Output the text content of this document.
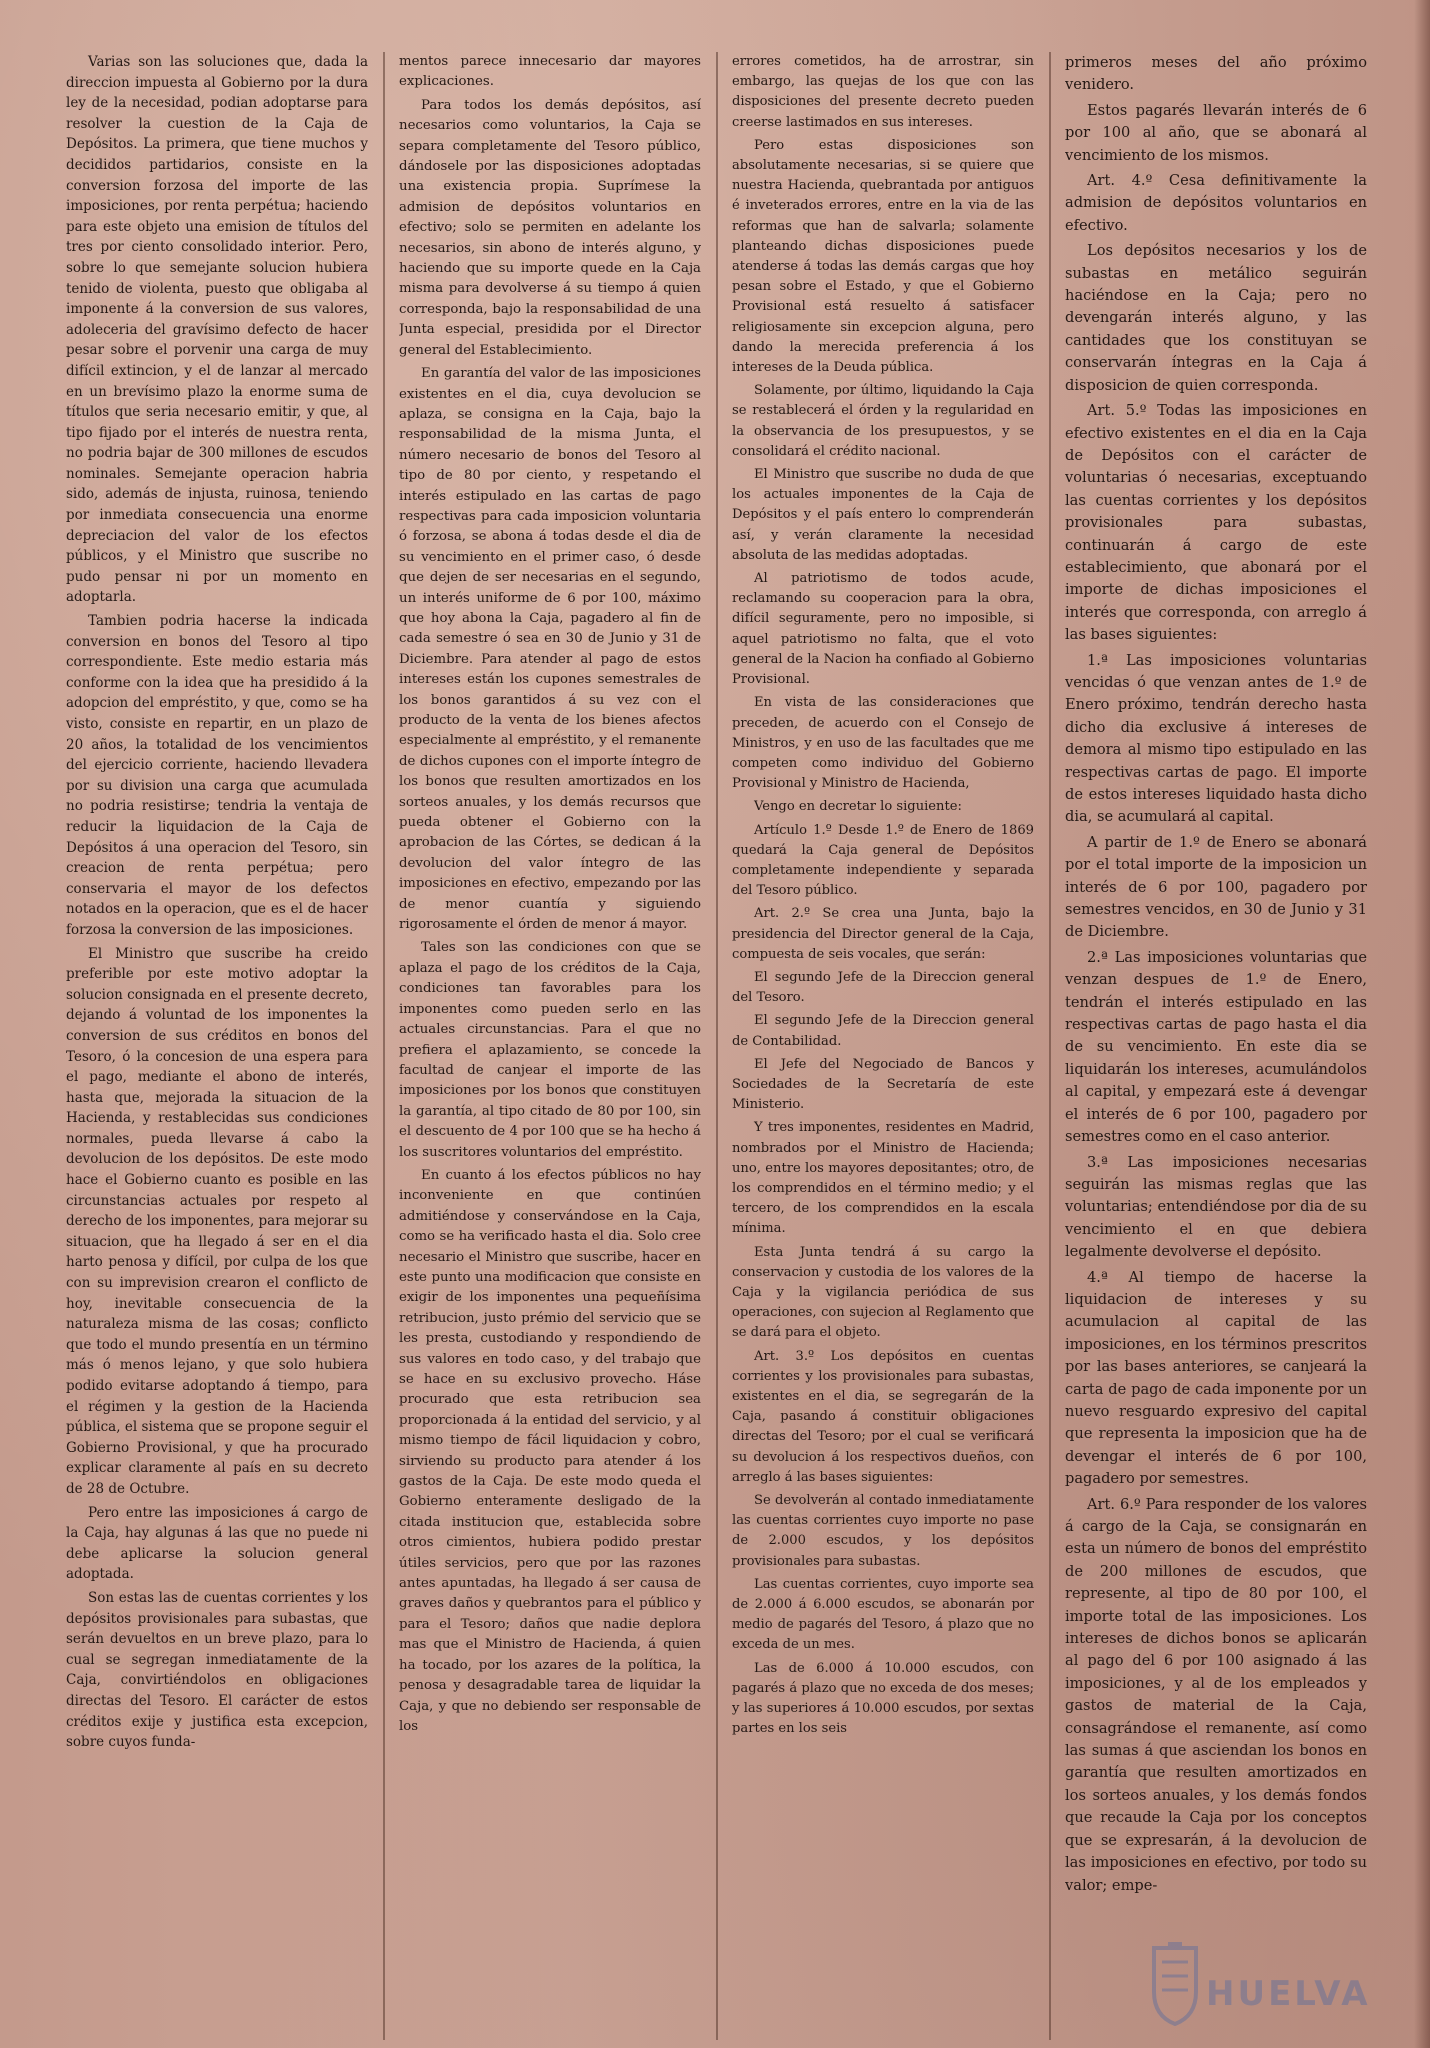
Varias son las soluciones que, dada la direccion impuesta al Gobierno por la dura ley de la necesidad, podian adoptarse para resolver la cuestion de la Caja de Depósitos. La primera, que tiene muchos y decididos partidarios, consiste en la conversion forzosa del importe de las imposiciones, por renta perpétua; haciendo para este objeto una emision de títulos del tres por ciento consolidado interior. Pero, sobre lo que semejante solucion hubiera tenido de violenta, puesto que obligaba al imponente á la conversion de sus valores, adoleceria del gravísimo defecto de hacer pesar sobre el porvenir una carga de muy difícil extincion, y el de lanzar al mercado en un brevísimo plazo la enorme suma de títulos que seria necesario emitir, y que, al tipo fijado por el interés de nuestra renta, no podria bajar de 300 millones de escudos nominales. Semejante operacion habria sido, además de injusta, ruinosa, teniendo por inmediata consecuencia una enorme depreciacion del valor de los efectos públicos, y el Ministro que suscribe no pudo pensar ni por un momento en adoptarla.

Tambien podria hacerse la indicada conversion en bonos del Tesoro al tipo correspondiente. Este medio estaria más conforme con la idea que ha presidido á la adopcion del empréstito, y que, como se ha visto, consiste en repartir, en un plazo de 20 años, la totalidad de los vencimientos del ejercicio corriente, haciendo llevadera por su division una carga que acumulada no podria resistirse; tendria la ventaja de reducir la liquidacion de la Caja de Depósitos á una operacion del Tesoro, sin creacion de renta perpétua; pero conservaria el mayor de los defectos notados en la operacion, que es el de hacer forzosa la conversion de las imposiciones.

El Ministro que suscribe ha creido preferible por este motivo adoptar la solucion consignada en el presente decreto, dejando á voluntad de los imponentes la conversion de sus créditos en bonos del Tesoro, ó la concesion de una espera para el pago, mediante el abono de interés, hasta que, mejorada la situacion de la Hacienda, y restablecidas sus condiciones normales, pueda llevarse á cabo la devolucion de los depósitos. De este modo hace el Gobierno cuanto es posible en las circunstancias actuales por respeto al derecho de los imponentes, para mejorar su situacion, que ha llegado á ser en el dia harto penosa y difícil, por culpa de los que con su imprevision crearon el conflicto de hoy, inevitable consecuencia de la naturaleza misma de las cosas; conflicto que todo el mundo presentía en un término más ó menos lejano, y que solo hubiera podido evitarse adoptando á tiempo, para el régimen y la gestion de la Hacienda pública, el sistema que se propone seguir el Gobierno Provisional, y que ha procurado explicar claramente al país en su decreto de 28 de Octubre.

Pero entre las imposiciones á cargo de la Caja, hay algunas á las que no puede ni debe aplicarse la solucion general adoptada.

Son estas las de cuentas corrientes y los depósitos provisionales para subastas, que serán devueltos en un breve plazo, para lo cual se segregan inmediatamente de la Caja, convirtiéndolos en obligaciones directas del Tesoro. El carácter de estos créditos exije y justifica esta excepcion, sobre cuyos funda-

mentos parece innecesario dar mayores explicaciones.

Para todos los demás depósitos, así necesarios como voluntarios, la Caja se separa completamente del Tesoro público, dándosele por las disposiciones adoptadas una existencia propia. Suprímese la admision de depósitos voluntarios en efectivo; solo se permiten en adelante los necesarios, sin abono de interés alguno, y haciendo que su importe quede en la Caja misma para devolverse á su tiempo á quien corresponda, bajo la responsabilidad de una Junta especial, presidida por el Director general del Establecimiento.

En garantía del valor de las imposiciones existentes en el dia, cuya devolucion se aplaza, se consigna en la Caja, bajo la responsabilidad de la misma Junta, el número necesario de bonos del Tesoro al tipo de 80 por ciento, y respetando el interés estipulado en las cartas de pago respectivas para cada imposicion voluntaria ó forzosa, se abona á todas desde el dia de su vencimiento en el primer caso, ó desde que dejen de ser necesarias en el segundo, un interés uniforme de 6 por 100, máximo que hoy abona la Caja, pagadero al fin de cada semestre ó sea en 30 de Junio y 31 de Diciembre. Para atender al pago de estos intereses están los cupones semestrales de los bonos garantidos á su vez con el producto de la venta de los bienes afectos especialmente al empréstito, y el remanente de dichos cupones con el importe íntegro de los bonos que resulten amortizados en los sorteos anuales, y los demás recursos que pueda obtener el Gobierno con la aprobacion de las Córtes, se dedican á la devolucion del valor íntegro de las imposiciones en efectivo, empezando por las de menor cuantía y siguiendo rigorosamente el órden de menor á mayor.

Tales son las condiciones con que se aplaza el pago de los créditos de la Caja, condiciones tan favorables para los imponentes como pueden serlo en las actuales circunstancias. Para el que no prefiera el aplazamiento, se concede la facultad de canjear el importe de las imposiciones por los bonos que constituyen la garantía, al tipo citado de 80 por 100, sin el descuento de 4 por 100 que se ha hecho á los suscritores voluntarios del empréstito.

En cuanto á los efectos públicos no hay inconveniente en que continúen admitiéndose y conservándose en la Caja, como se ha verificado hasta el dia. Solo cree necesario el Ministro que suscribe, hacer en este punto una modificacion que consiste en exigir de los imponentes una pequeñísima retribucion, justo prémio del servicio que se les presta, custodiando y respondiendo de sus valores en todo caso, y del trabajo que se hace en su exclusivo provecho. Háse procurado que esta retribucion sea proporcionada á la entidad del servicio, y al mismo tiempo de fácil liquidacion y cobro, sirviendo su producto para atender á los gastos de la Caja. De este modo queda el Gobierno enteramente desligado de la citada institucion que, establecida sobre otros cimientos, hubiera podido prestar útiles servicios, pero que por las razones antes apuntadas, ha llegado á ser causa de graves daños y quebrantos para el público y para el Tesoro; daños que nadie deplora mas que el Ministro de Hacienda, á quien ha tocado, por los azares de la política, la penosa y desagradable tarea de liquidar la Caja, y que no debiendo ser responsable de los

errores cometidos, ha de arrostrar, sin embargo, las quejas de los que con las disposiciones del presente decreto pueden creerse lastimados en sus intereses.

Pero estas disposiciones son absolutamente necesarias, si se quiere que nuestra Hacienda, quebrantada por antiguos é inveterados errores, entre en la via de las reformas que han de salvarla; solamente planteando dichas disposiciones puede atenderse á todas las demás cargas que hoy pesan sobre el Estado, y que el Gobierno Provisional está resuelto á satisfacer religiosamente sin excepcion alguna, pero dando la merecida preferencia á los intereses de la Deuda pública.

Solamente, por último, liquidando la Caja se restablecerá el órden y la regularidad en la observancia de los presupuestos, y se consolidará el crédito nacional.

El Ministro que suscribe no duda de que los actuales imponentes de la Caja de Depósitos y el país entero lo comprenderán así, y verán claramente la necesidad absoluta de las medidas adoptadas.

Al patriotismo de todos acude, reclamando su cooperacion para la obra, difícil seguramente, pero no imposible, si aquel patriotismo no falta, que el voto general de la Nacion ha confiado al Gobierno Provisional.

En vista de las consideraciones que preceden, de acuerdo con el Consejo de Ministros, y en uso de las facultades que me competen como individuo del Gobierno Provisional y Ministro de Hacienda,

Vengo en decretar lo siguiente:

Artículo 1.º Desde 1.º de Enero de 1869 quedará la Caja general de Depósitos completamente independiente y separada del Tesoro público.

Art. 2.º Se crea una Junta, bajo la presidencia del Director general de la Caja, compuesta de seis vocales, que serán:

El segundo Jefe de la Direccion general del Tesoro.

El segundo Jefe de la Direccion general de Contabilidad.

El Jefe del Negociado de Bancos y Sociedades de la Secretaría de este Ministerio.

Y tres imponentes, residentes en Madrid, nombrados por el Ministro de Hacienda; uno, entre los mayores depositantes; otro, de los comprendidos en el término medio; y el tercero, de los comprendidos en la escala mínima.

Esta Junta tendrá á su cargo la conservacion y custodia de los valores de la Caja y la vigilancia periódica de sus operaciones, con sujecion al Reglamento que se dará para el objeto.

Art. 3.º Los depósitos en cuentas corrientes y los provisionales para subastas, existentes en el dia, se segregarán de la Caja, pasando á constituir obligaciones directas del Tesoro; por el cual se verificará su devolucion á los respectivos dueños, con arreglo á las bases siguientes:

Se devolverán al contado inmediatamente las cuentas corrientes cuyo importe no pase de 2.000 escudos, y los depósitos provisionales para subastas.

Las cuentas corrientes, cuyo importe sea de 2.000 á 6.000 escudos, se abonarán por medio de pagarés del Tesoro, á plazo que no exceda de un mes.

Las de 6.000 á 10.000 escudos, con pagarés á plazo que no exceda de dos meses; y las superiores á 10.000 escudos, por sextas partes en los seis

primeros meses del año próximo venidero.

Estos pagarés llevarán interés de 6 por 100 al año, que se abonará al vencimiento de los mismos.

Art. 4.º Cesa definitivamente la admision de depósitos voluntarios en efectivo.

Los depósitos necesarios y los de subastas en metálico seguirán haciéndose en la Caja; pero no devengarán interés alguno, y las cantidades que los constituyan se conservarán íntegras en la Caja á disposicion de quien corresponda.

Art. 5.º Todas las imposiciones en efectivo existentes en el dia en la Caja de Depósitos con el carácter de voluntarias ó necesarias, exceptuando las cuentas corrientes y los depósitos provisionales para subastas, continuarán á cargo de este establecimiento, que abonará por el importe de dichas imposiciones el interés que corresponda, con arreglo á las bases siguientes:

1.ª Las imposiciones voluntarias vencidas ó que venzan antes de 1.º de Enero próximo, tendrán derecho hasta dicho dia exclusive á intereses de demora al mismo tipo estipulado en las respectivas cartas de pago. El importe de estos intereses liquidado hasta dicho dia, se acumulará al capital.

A partir de 1.º de Enero se abonará por el total importe de la imposicion un interés de 6 por 100, pagadero por semestres vencidos, en 30 de Junio y 31 de Diciembre.

2.ª Las imposiciones voluntarias que venzan despues de 1.º de Enero, tendrán el interés estipulado en las respectivas cartas de pago hasta el dia de su vencimiento. En este dia se liquidarán los intereses, acumulándolos al capital, y empezará este á devengar el interés de 6 por 100, pagadero por semestres como en el caso anterior.

3.ª Las imposiciones necesarias seguirán las mismas reglas que las voluntarias; entendiéndose por dia de su vencimiento el en que debiera legalmente devolverse el depósito.

4.ª Al tiempo de hacerse la liquidacion de intereses y su acumulacion al capital de las imposiciones, en los términos prescritos por las bases anteriores, se canjeará la carta de pago de cada imponente por un nuevo resguardo expresivo del capital que representa la imposicion que ha de devengar el interés de 6 por 100, pagadero por semestres.

Art. 6.º Para responder de los valores á cargo de la Caja, se consignarán en esta un número de bonos del empréstito de 200 millones de escudos, que represente, al tipo de 80 por 100, el importe total de las imposiciones. Los intereses de dichos bonos se aplicarán al pago del 6 por 100 asignado á las imposiciones, y al de los empleados y gastos de material de la Caja, consagrándose el remanente, así como las sumas á que asciendan los bonos en garantía que resulten amortizados en los sorteos anuales, y los demás fondos que recaude la Caja por los conceptos que se expresarán, á la devolucion de las imposiciones en efectivo, por todo su valor; empe-

HUELVA
